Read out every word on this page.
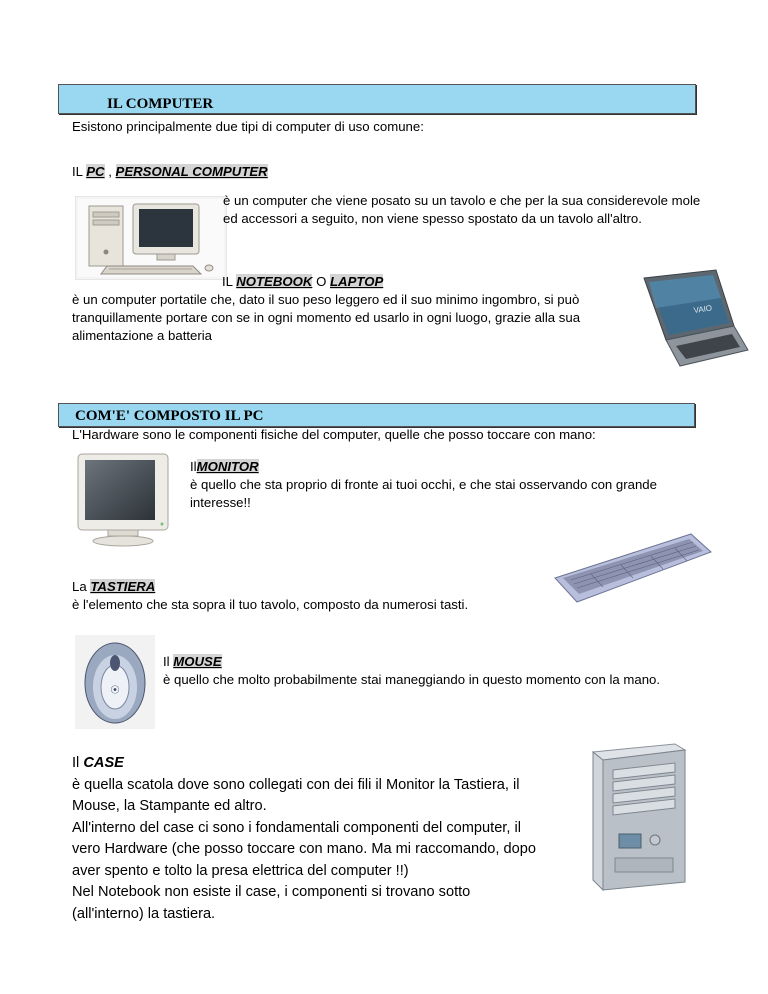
IL COMPUTER
Esistono principalmente due tipi di computer di uso comune:
IL PC , PERSONAL COMPUTER
è un computer che viene posato su un tavolo e che per la sua considerevole mole ed accessori a seguito, non viene spesso spostato da un tavolo all'altro.
IL NOTEBOOK O LAPTOP
è un computer portatile che, dato il suo peso leggero ed il suo minimo ingombro, si può tranquillamente portare con se in ogni momento ed usarlo in ogni luogo, grazie alla sua alimentazione a batteria
VAIO
COM'E' COMPOSTO IL PC
L'Hardware sono le componenti fisiche del computer, quelle che posso toccare con mano:
IlMONITOR
è quello che sta proprio di fronte ai tuoi occhi, e che stai osservando con grande interesse!!
La TASTIERA
è l'elemento che sta sopra il tuo tavolo, composto da numerosi tasti.
⦿
Il MOUSE
è quello che molto probabilmente stai maneggiando in questo momento con la mano.
Il CASE
è quella scatola dove sono collegati con dei fili il Monitor la Tastiera, il
Mouse, la Stampante ed altro.
All'interno del case ci sono i fondamentali componenti del computer, il
vero Hardware (che posso toccare con mano. Ma mi raccomando, dopo
aver spento e tolto la presa elettrica del computer !!)
Nel Notebook non esiste il case, i componenti si trovano sotto
(all'interno) la tastiera.
